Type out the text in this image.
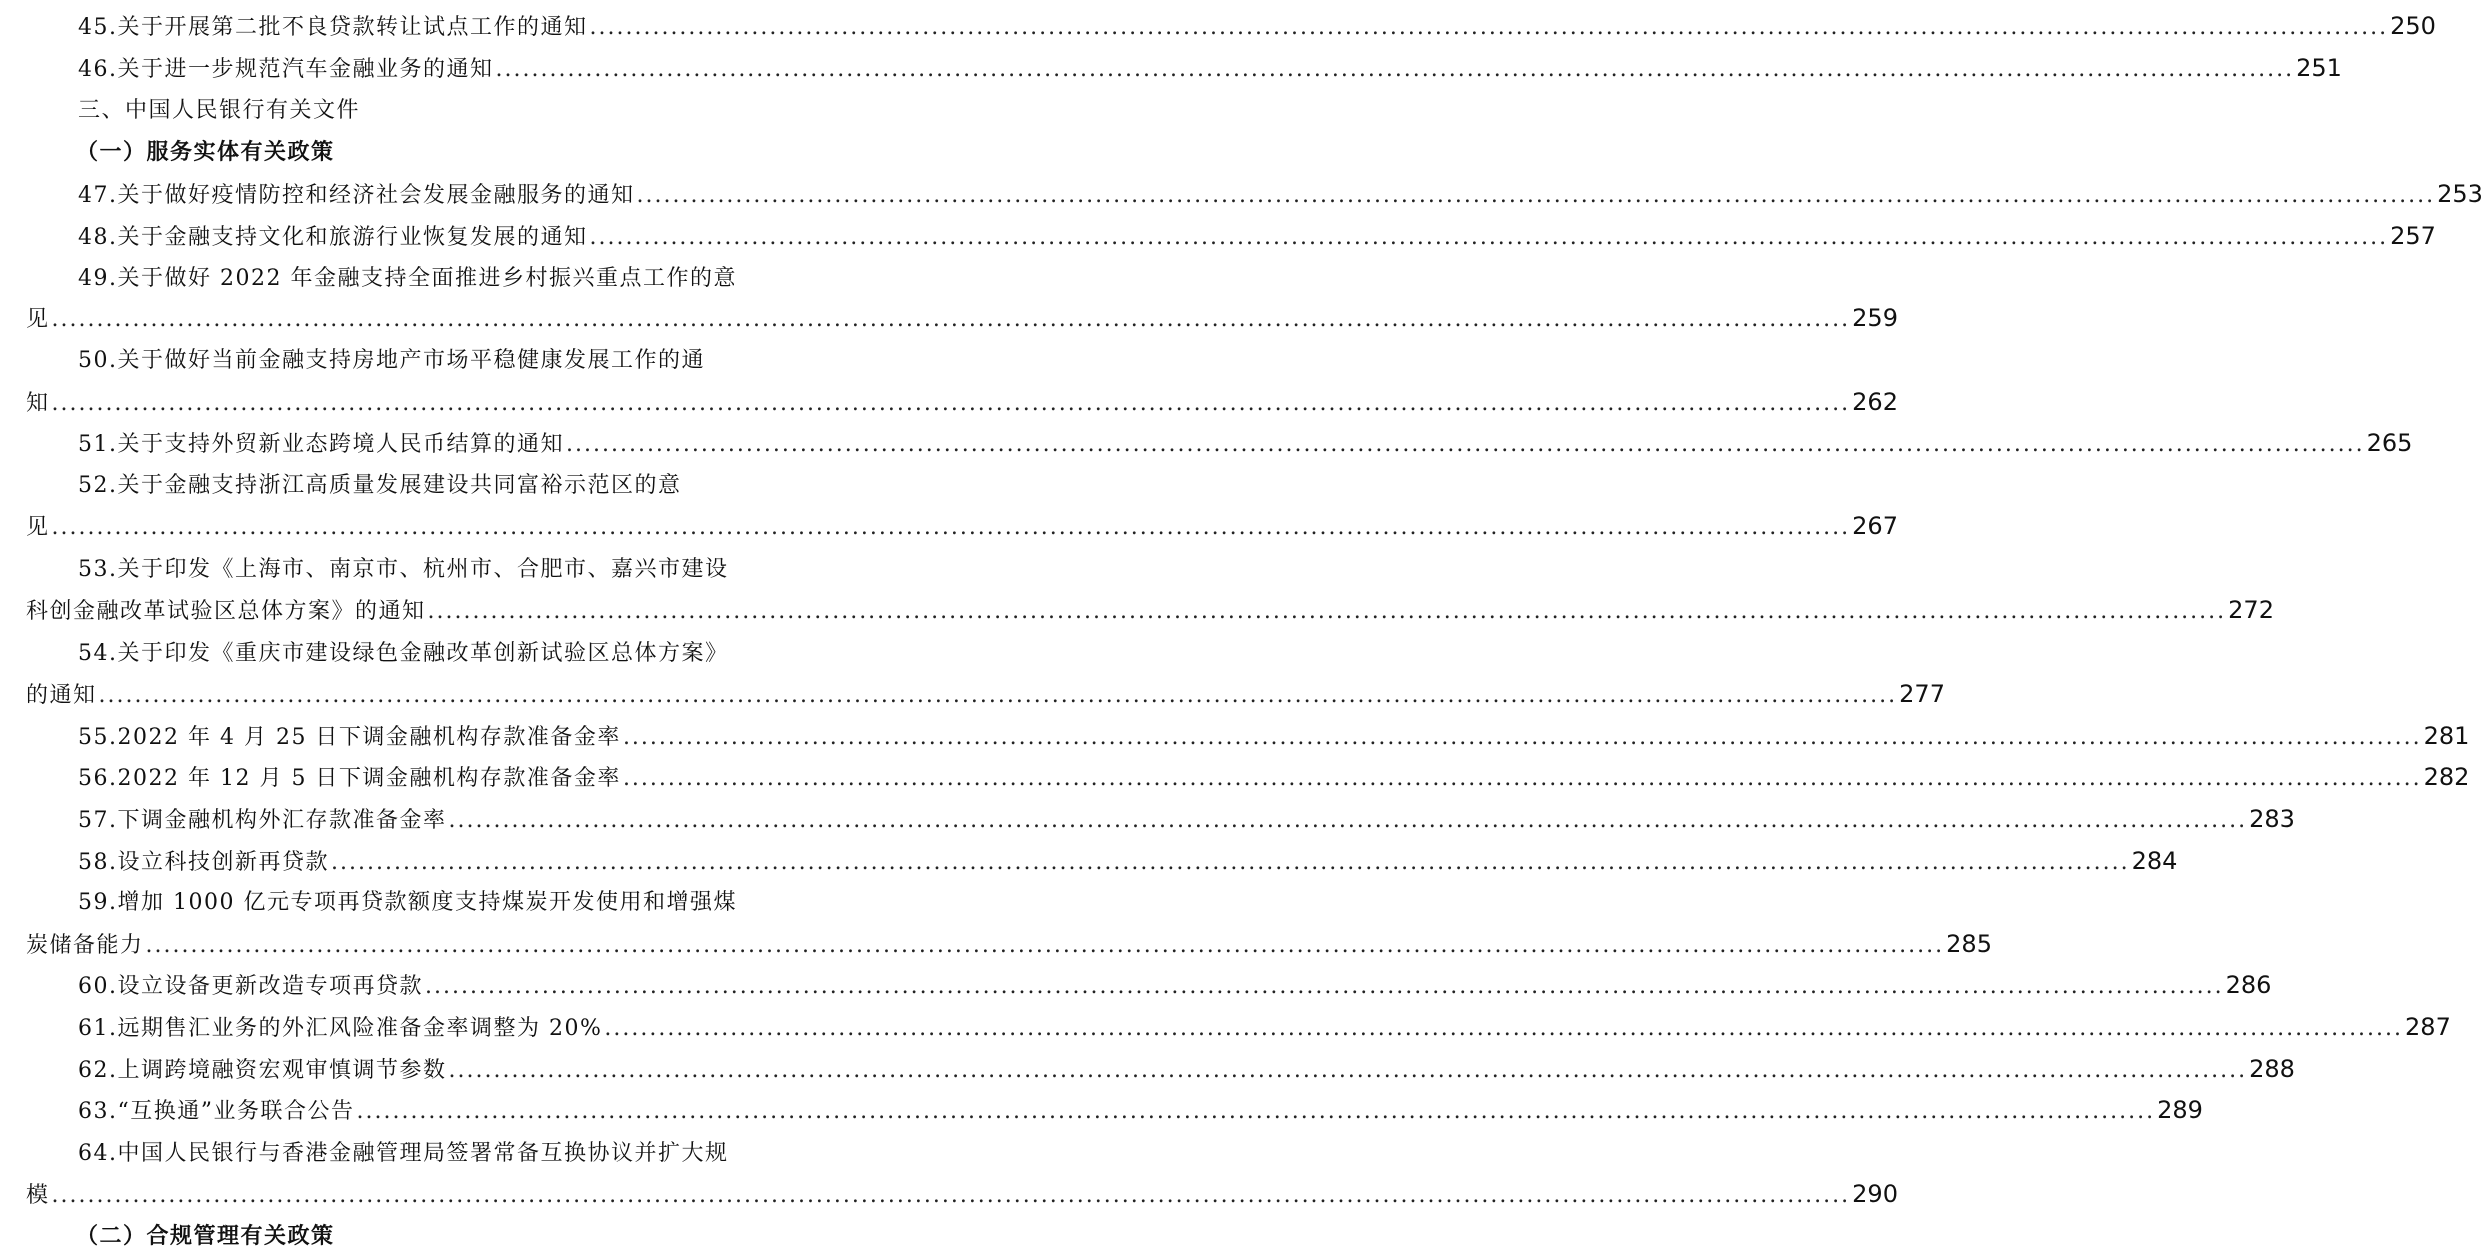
45.关于开展第二批不良贷款转让试点工作的通知 ........................................................................................................................................................................................................ 250
46.关于进一步规范汽车金融业务的通知 ........................................................................................................................................................................................................ 251
三、中国人民银行有关文件
（一）服务实体有关政策
47.关于做好疫情防控和经济社会发展金融服务的通知 ........................................................................................................................................................................................................ 253
48.关于金融支持文化和旅游行业恢复发展的通知 ........................................................................................................................................................................................................ 257
49.关于做好 2022 年金融支持全面推进乡村振兴重点工作的意
见 ........................................................................................................................................................................................................ 259
50.关于做好当前金融支持房地产市场平稳健康发展工作的通
知 ........................................................................................................................................................................................................ 262
51.关于支持外贸新业态跨境人民币结算的通知 ........................................................................................................................................................................................................ 265
52.关于金融支持浙江高质量发展建设共同富裕示范区的意
见 ........................................................................................................................................................................................................ 267
53.关于印发《上海市、南京市、杭州市、合肥市、嘉兴市建设
科创金融改革试验区总体方案》的通知 ........................................................................................................................................................................................................ 272
54.关于印发《重庆市建设绿色金融改革创新试验区总体方案》
的通知 ........................................................................................................................................................................................................ 277
55.2022 年 4 月 25 日下调金融机构存款准备金率 ........................................................................................................................................................................................................ 281
56.2022 年 12 月 5 日下调金融机构存款准备金率 ........................................................................................................................................................................................................ 282
57.下调金融机构外汇存款准备金率 ........................................................................................................................................................................................................ 283
58.设立科技创新再贷款 ........................................................................................................................................................................................................ 284
59.增加 1000 亿元专项再贷款额度支持煤炭开发使用和增强煤
炭储备能力 ........................................................................................................................................................................................................ 285
60.设立设备更新改造专项再贷款 ........................................................................................................................................................................................................ 286
61.远期售汇业务的外汇风险准备金率调整为 20% ........................................................................................................................................................................................................ 287
62.上调跨境融资宏观审慎调节参数 ........................................................................................................................................................................................................ 288
63.“互换通”业务联合公告 ........................................................................................................................................................................................................ 289
64.中国人民银行与香港金融管理局签署常备互换协议并扩大规
模 ........................................................................................................................................................................................................ 290
（二）合规管理有关政策
